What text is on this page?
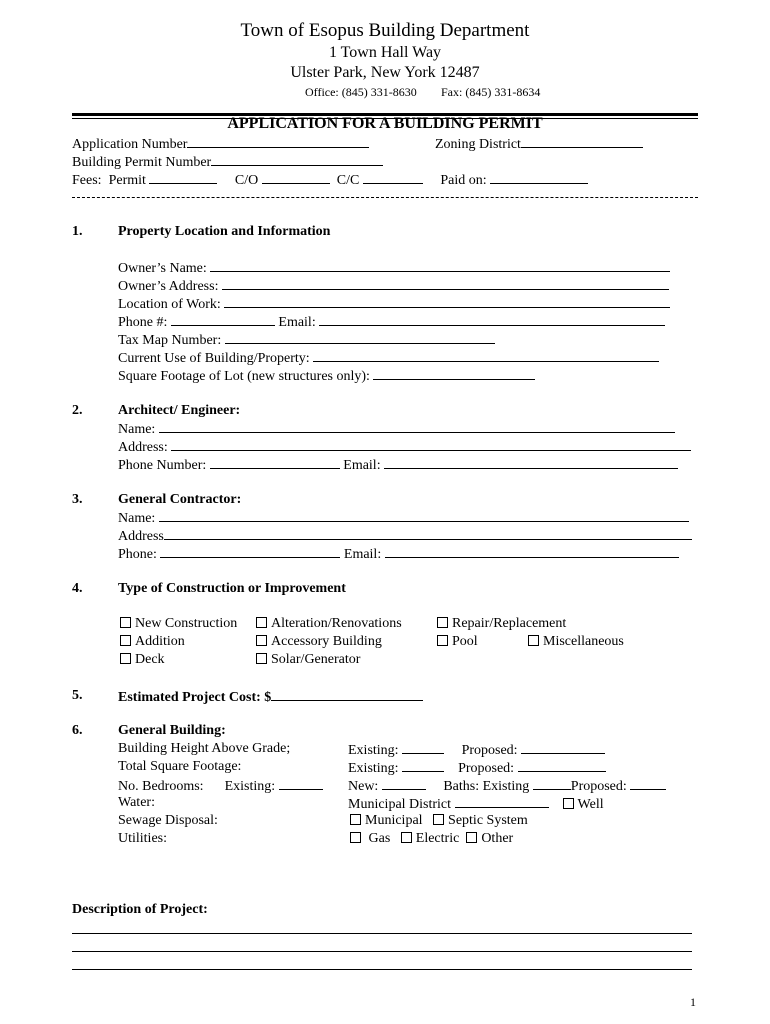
Town of Esopus Building Department
1 Town Hall Way
Ulster Park, New York 12487
Office: (845) 331-8630 Fax: (845) 331-8634
APPLICATION FOR A BUILDING PERMIT
Application Number	Zoning District
Building Permit Number
Fees: Permit	C/O	C/C	Paid on:
1.	Property Location and Information
Owner’s Name:
Owner’s Address:
Location of Work:
Phone #:	Email:
Tax Map Number:
Current Use of Building/Property:
Square Footage of Lot (new structures only):
2.	Architect/ Engineer:
Name:
Address:
Phone Number:	Email:
3.	General Contractor:
Name:
Address
Phone:	Email:
4.	Type of Construction or Improvement
New Construction	Alteration/Renovations	Repair/Replacement
Addition	Accessory Building	Pool	Miscellaneous
Deck	Solar/Generator
5.	Estimated Project Cost: $
6.	General Building:
Building Height Above Grade;	Existing:	Proposed:
Total Square Footage:	Existing:	Proposed:
No. Bedrooms: Existing:	New:	Baths: Existing	Proposed:
Water:	Municipal District	Well
Sewage Disposal:	Municipal Septic System
Utilities:	Gas Electric Other
Description of Project:
1
